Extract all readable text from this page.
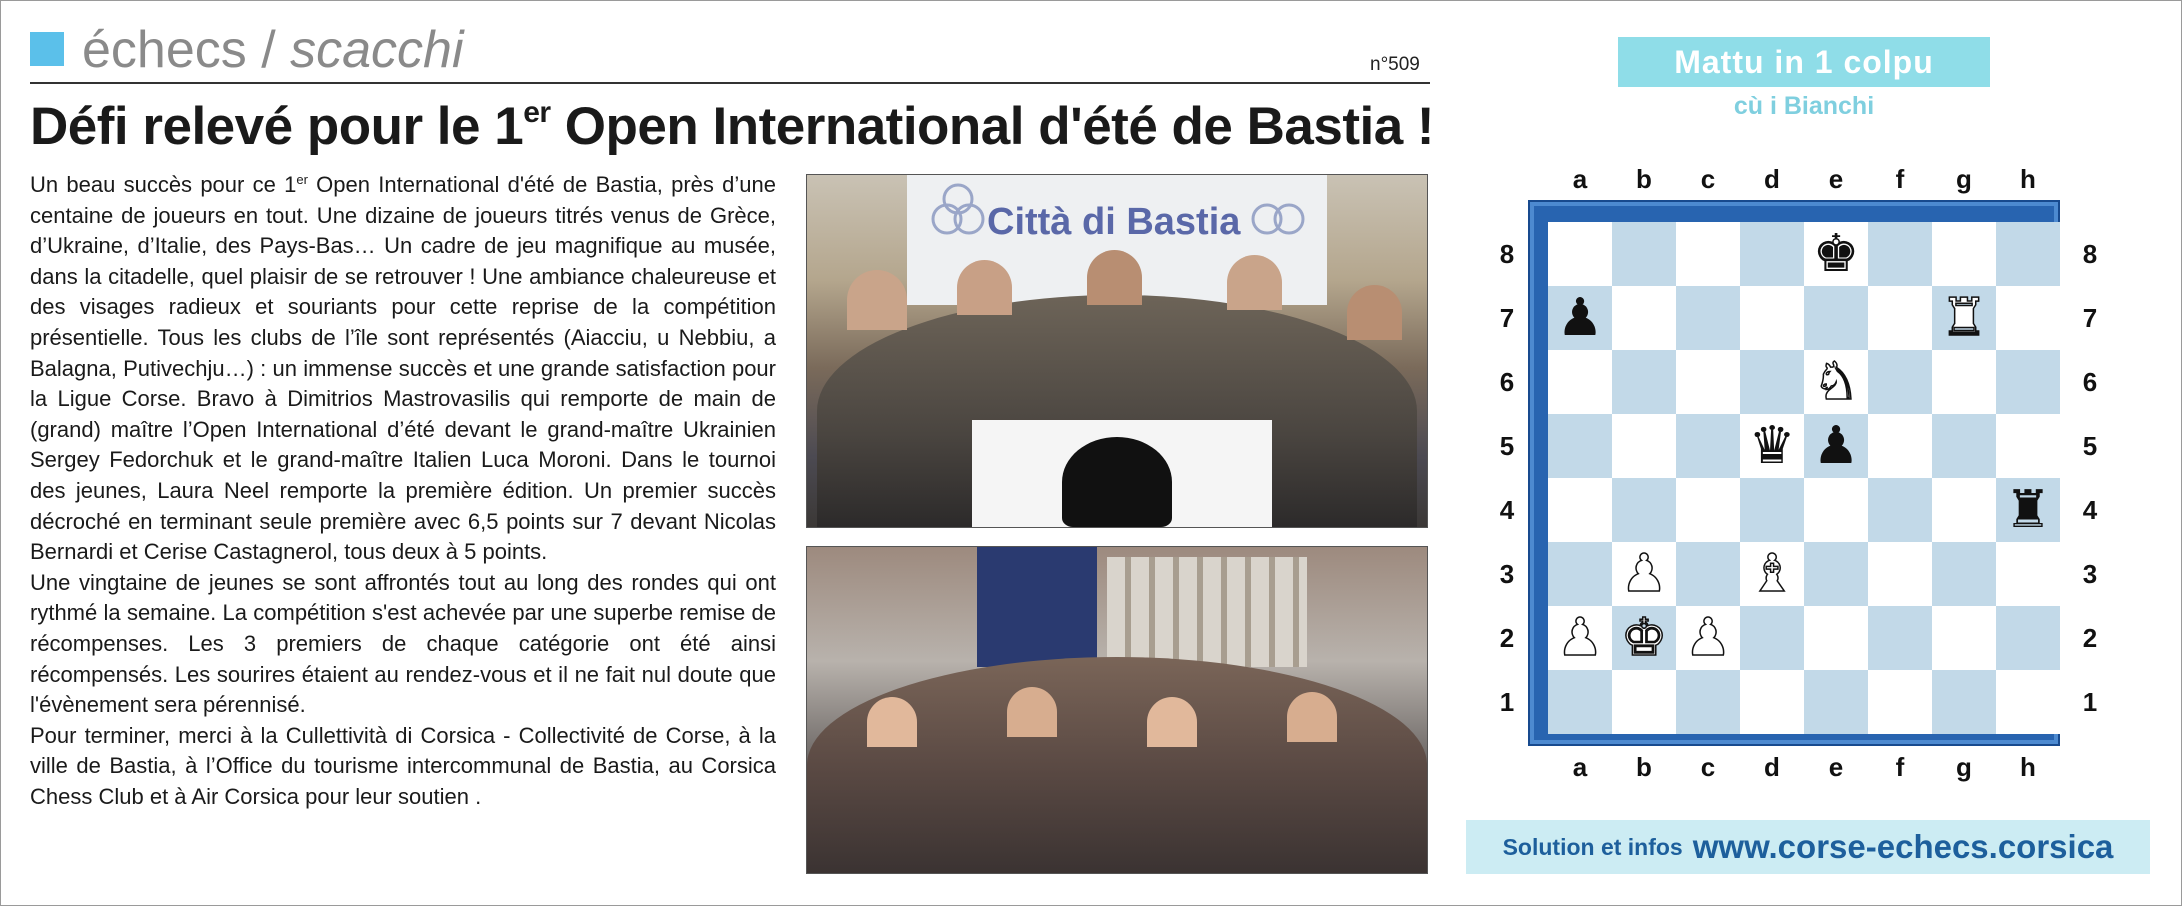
échecs / scacchi	n°509
Défi relevé pour le 1er Open International d'été de Bastia !

Un beau succès pour ce 1er Open International d'été de Bastia, près d’une centaine de joueurs en tout. Une dizaine de joueurs titrés venus de Grèce, d’Ukraine, d’Italie, des Pays-Bas… Un cadre de jeu magnifique au musée, dans la citadelle, quel plaisir de se retrouver ! Une ambiance chaleureuse et des visages radieux et souriants pour cette reprise de la compétition présentielle. Tous les clubs de l’île sont représentés (Aiacciu, u Nebbiu, a Balagna, Putivechju…) : un immense succès et une grande satisfaction pour la Ligue Corse. Bravo à Dimitrios Mastrovasilis qui remporte de main de (grand) maître l’Open International d’été devant le grand-maître Ukrainien Sergey Fedorchuk et le grand-maître Italien Luca Moroni. Dans le tournoi des jeunes, Laura Neel remporte la première édition. Un premier succès décroché en terminant seule première avec 6,5 points sur 7 devant Nicolas Bernardi et Cerise Castagnerol, tous deux à 5 points.

Une vingtaine de jeunes se sont affrontés tout au long des rondes qui ont rythmé la semaine. La compétition s'est achevée par une superbe remise de récompenses. Les 3 premiers de chaque catégorie ont été ainsi récompensés. Les sourires étaient au rendez-vous et il ne fait nul doute que l'évènement sera pérennisé.

Pour terminer, merci à la Cullettività di Corsica - Collectivité de Corse, à la ville de Bastia, à l’Office du tourisme intercommunal de Bastia, au Corsica Chess Club et à Air Corsica pour leur soutien .

Città di Bastia
Mattu in 1 colpu
cù i Bianchi
a	b	c	d	e	f	g	h
a	b	c	d	e	f	g	h
8
7
6
5
4
3
2
1
8
7
6
5
4
3
2
1
♚
♟	♜
♞
♛ ♟
♜
♟ ♝
♟ ♚ ♟
Solution et infos www.corse-echecs.corsica
